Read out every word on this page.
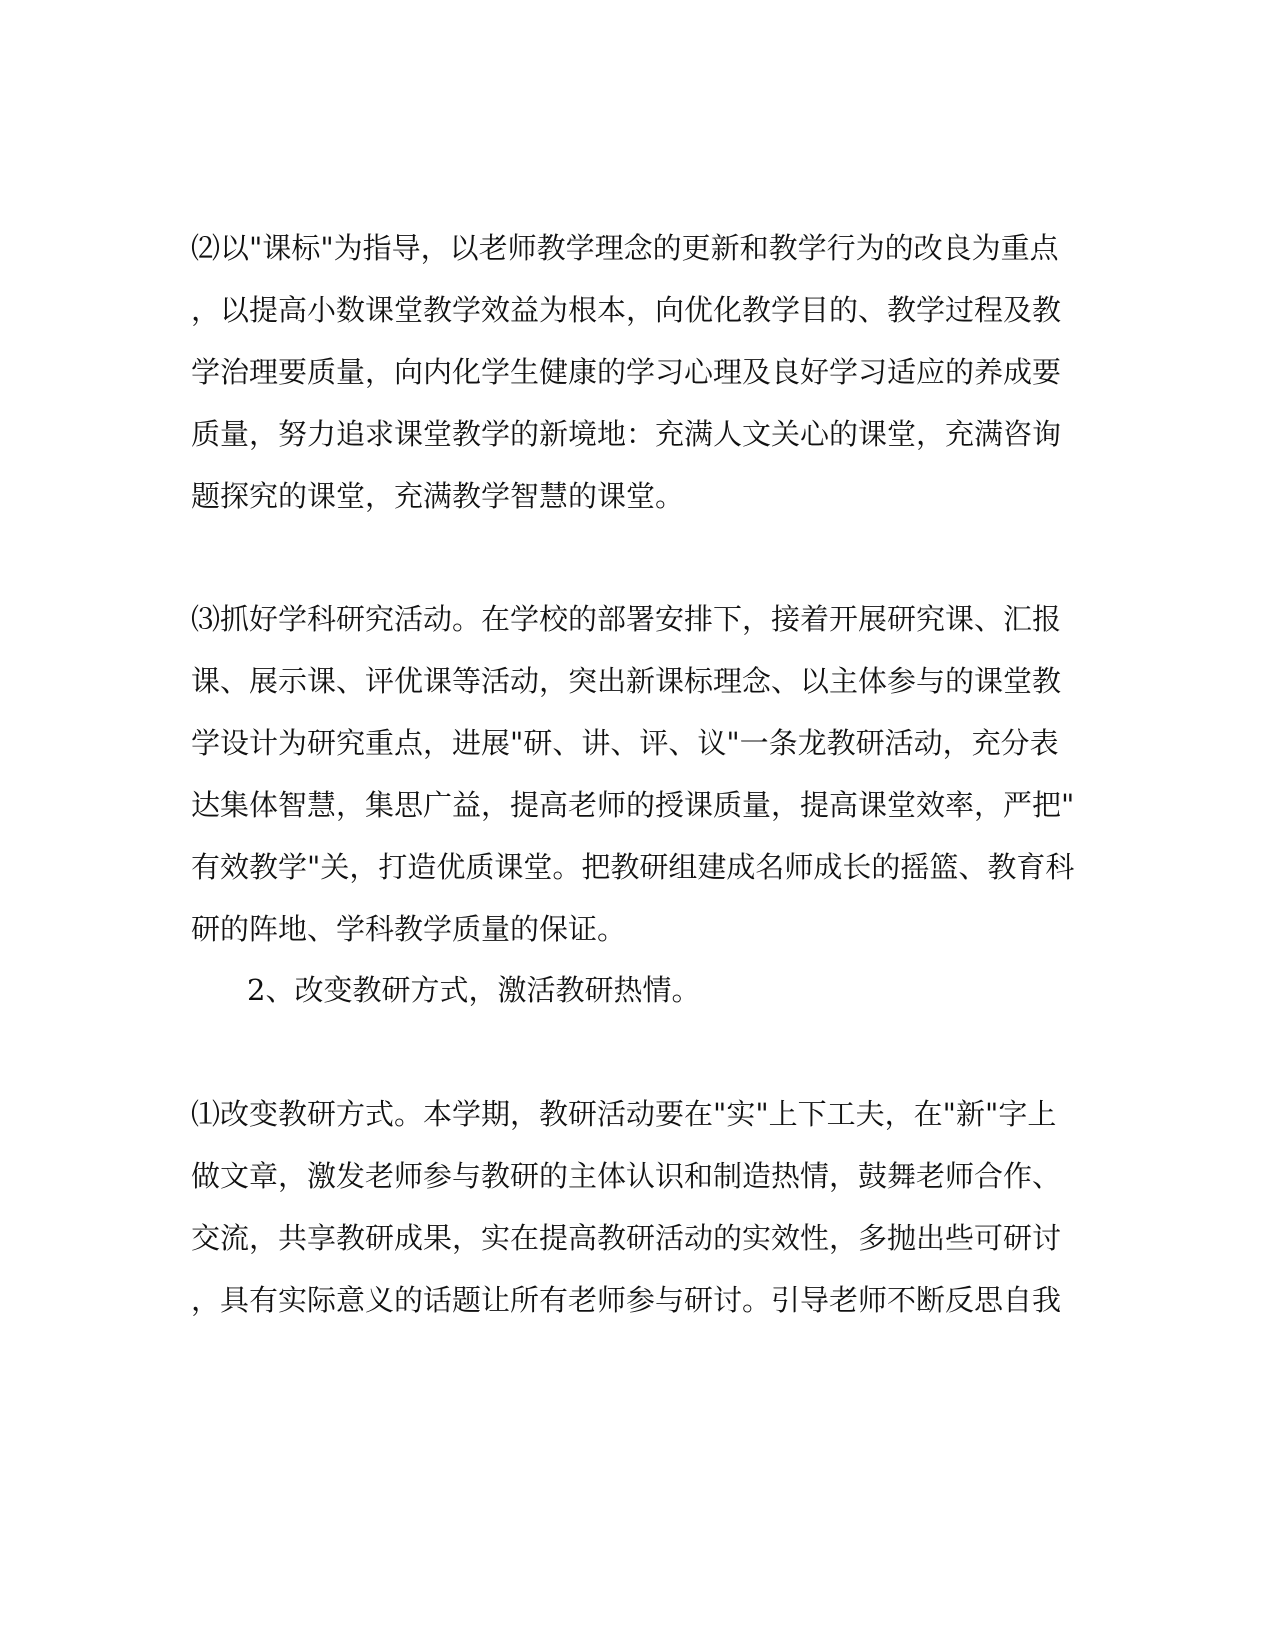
⑵以"课标"为指导，以老师教学理念的更新和教学行为的改良为重点
，以提高小数课堂教学效益为根本，向优化教学目的、教学过程及教
学治理要质量，向内化学生健康的学习心理及良好学习适应的养成要
质量，努力追求课堂教学的新境地：充满人文关心的课堂，充满咨询
题探究的课堂，充满教学智慧的课堂。
⑶抓好学科研究活动。在学校的部署安排下，接着开展研究课、汇报
课、展示课、评优课等活动，突出新课标理念、以主体参与的课堂教
学设计为研究重点，进展"研、讲、评、议"一条龙教研活动，充分表
达集体智慧，集思广益，提高老师的授课质量，提高课堂效率，严把"
有效教学"关，打造优质课堂。把教研组建成名师成长的摇篮、教育科
研的阵地、学科教学质量的保证。
2、改变教研方式，激活教研热情。
⑴改变教研方式。本学期，教研活动要在"实"上下工夫，在"新"字上
做文章，激发老师参与教研的主体认识和制造热情，鼓舞老师合作、
交流，共享教研成果，实在提高教研活动的实效性，多抛出些可研讨
，具有实际意义的话题让所有老师参与研讨。引导老师不断反思自我
